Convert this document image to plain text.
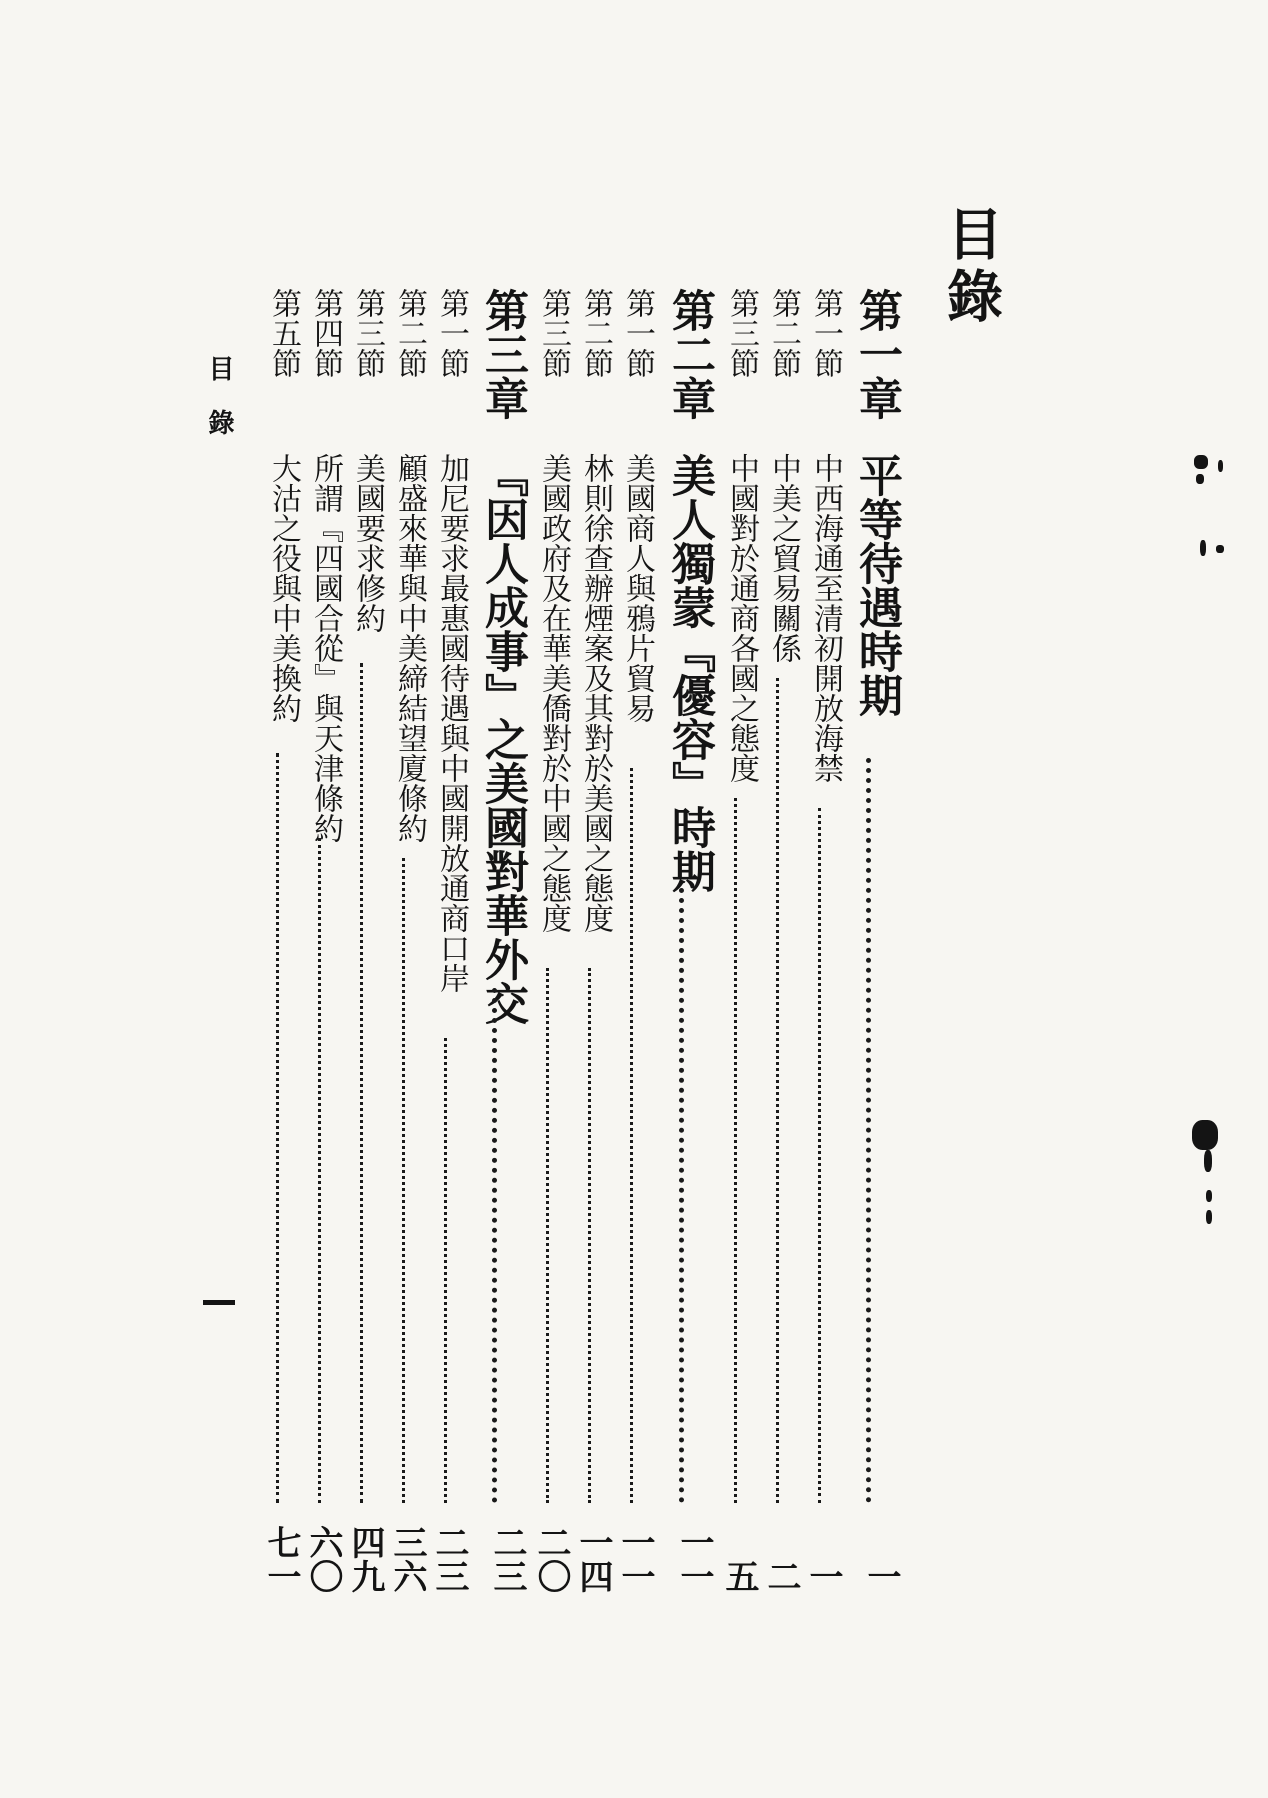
目錄
第一章
平等待遇時期
一
第一節
中西海通至清初開放海禁
一
第二節
中美之貿易關係
二
第三節
中國對於通商各國之態度
五
第二章
美人獨蒙『優容』時期
一一
第一節
美國商人與鴉片貿易
一一
第二節
林則徐查辦煙案及其對於美國之態度
一四
第三節
美國政府及在華美僑對於中國之態度
二〇
第三章
『因人成事』之美國對華外交
二三
第一節
加尼要求最惠國待遇與中國開放通商口岸
二三
第二節
顧盛來華與中美締結望廈條約
三六
第三節
美國要求修約
四九
第四節
所謂『四國合從』與天津條約
六〇
第五節
大沽之役與中美換約
七一
目錄
